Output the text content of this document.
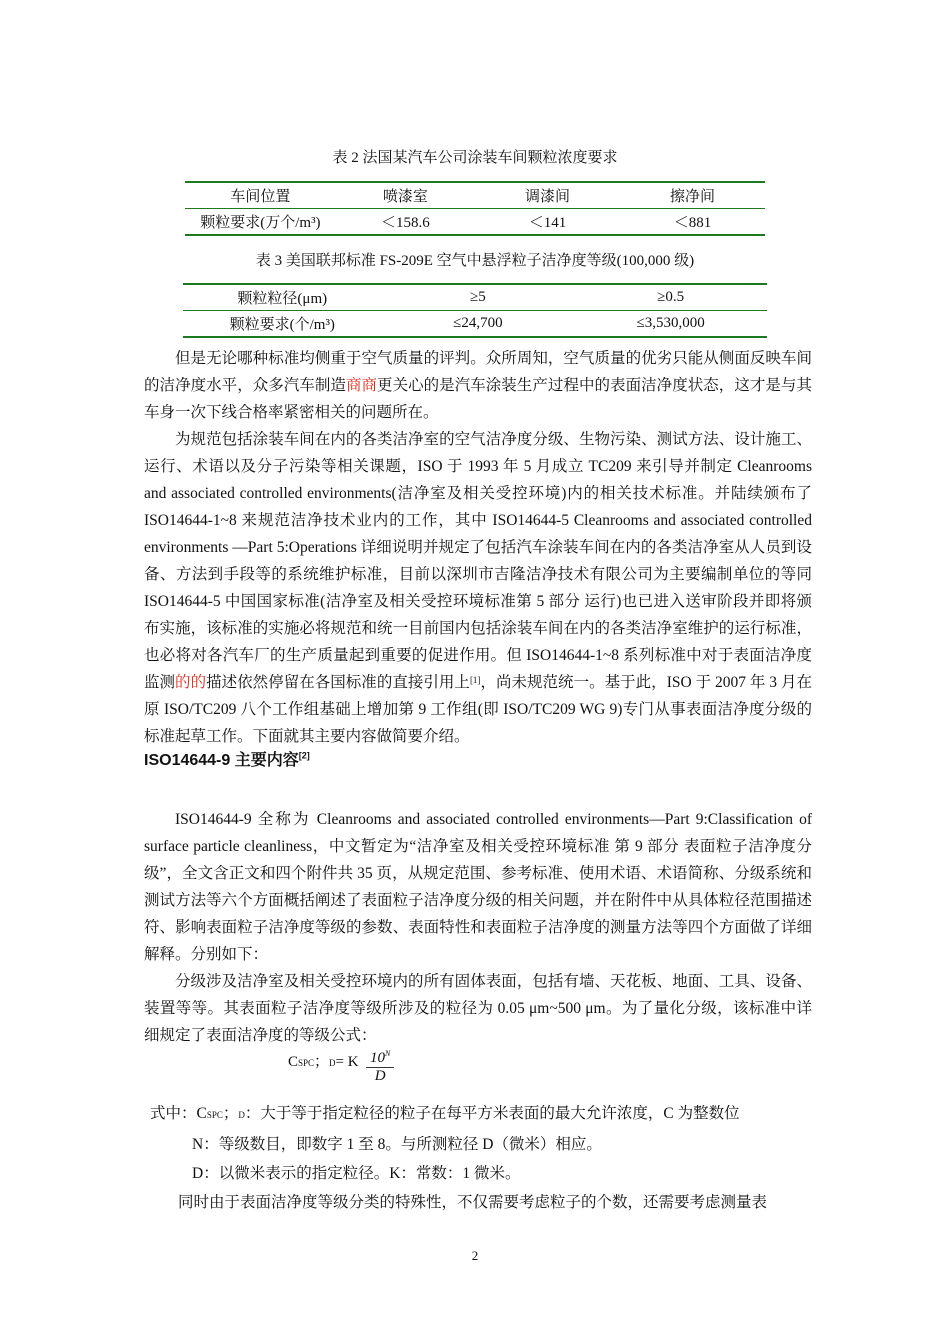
表 2 法国某汽车公司涂装车间颗粒浓度要求
车间位置	喷漆室	调漆间	擦净间
颗粒要求(万个/m³)	＜158.6	＜141	＜881
表 3 美国联邦标准 FS-209E 空气中悬浮粒子洁净度等级(100,000 级)
颗粒粒径(μm)	≥5	≥0.5
颗粒要求(个/m³)	≤24,700	≤3,530,000

但是无论哪种标准均侧重于空气质量的评判。众所周知，空气质量的优劣只能从侧面反映车间的洁净度水平，众多汽车制造商商更关心的是汽车涂装生产过程中的表面洁净度状态，这才是与其车身一次下线合格率紧密相关的问题所在。

为规范包括涂装车间在内的各类洁净室的空气洁净度分级、生物污染、测试方法、设计施工、运行、术语以及分子污染等相关课题，ISO 于 1993 年 5 月成立 TC209 来引导并制定 Cleanrooms and associated controlled environments(洁净室及相关受控环境)内的相关技术标准。并陆续颁布了 ISO14644-1~8 来规范洁净技术业内的工作，其中 ISO14644-5 Cleanrooms and associated controlled environments —Part 5:Operations 详细说明并规定了包括汽车涂装车间在内的各类洁净室从人员到设备、方法到手段等的系统维护标准，目前以深圳市吉隆洁净技术有限公司为主要编制单位的等同 ISO14644-5 中国国家标准(洁净室及相关受控环境标准第 5 部分 运行)也已进入送审阶段并即将颁布实施，该标准的实施必将规范和统一目前国内包括涂装车间在内的各类洁净室维护的运行标准，也必将对各汽车厂的生产质量起到重要的促进作用。但 ISO14644-1~8 系列标准中对于表面洁净度监测的的描述依然停留在各国标准的直接引用上[1]，尚未规范统一。基于此，ISO 于 2007 年 3 月在原 ISO/TC209 八个工作组基础上增加第 9 工作组(即 ISO/TC209 WG 9)专门从事表面洁净度分级的标准起草工作。下面就其主要内容做简要介绍。

ISO14644-9 主要内容[2]

ISO14644-9 全称为 Cleanrooms and associated controlled environments—Part 9:Classification of surface particle cleanliness，中文暂定为“洁净室及相关受控环境标准 第 9 部分 表面粒子洁净度分级”，全文含正文和四个附件共 35 页，从规定范围、参考标准、使用术语、术语简称、分级系统和测试方法等六个方面概括阐述了表面粒子洁净度分级的相关问题，并在附件中从具体粒径范围描述符、影响表面粒子洁净度等级的参数、表面特性和表面粒子洁净度的测量方法等四个方面做了详细解释。分别如下：

分级涉及洁净室及相关受控环境内的所有固体表面，包括有墙、天花板、地面、工具、设备、装置等等。其表面粒子洁净度等级所涉及的粒径为 0.05 μm~500 μm。为了量化分级，该标准中详细规定了表面洁净度的等级公式：

CSPC；D= K $\frac{10^N}{D}$
式中：CSPC；D：大于等于指定粒径的粒子在每平方米表面的最大允许浓度，C 为整数位
N：等级数目，即数字 1 至 8。与所测粒径 D（微米）相应。
D：以微米表示的指定粒径。K：常数：1 微米。
同时由于表面洁净度等级分类的特殊性，不仅需要考虑粒子的个数，还需要考虑测量表
2
